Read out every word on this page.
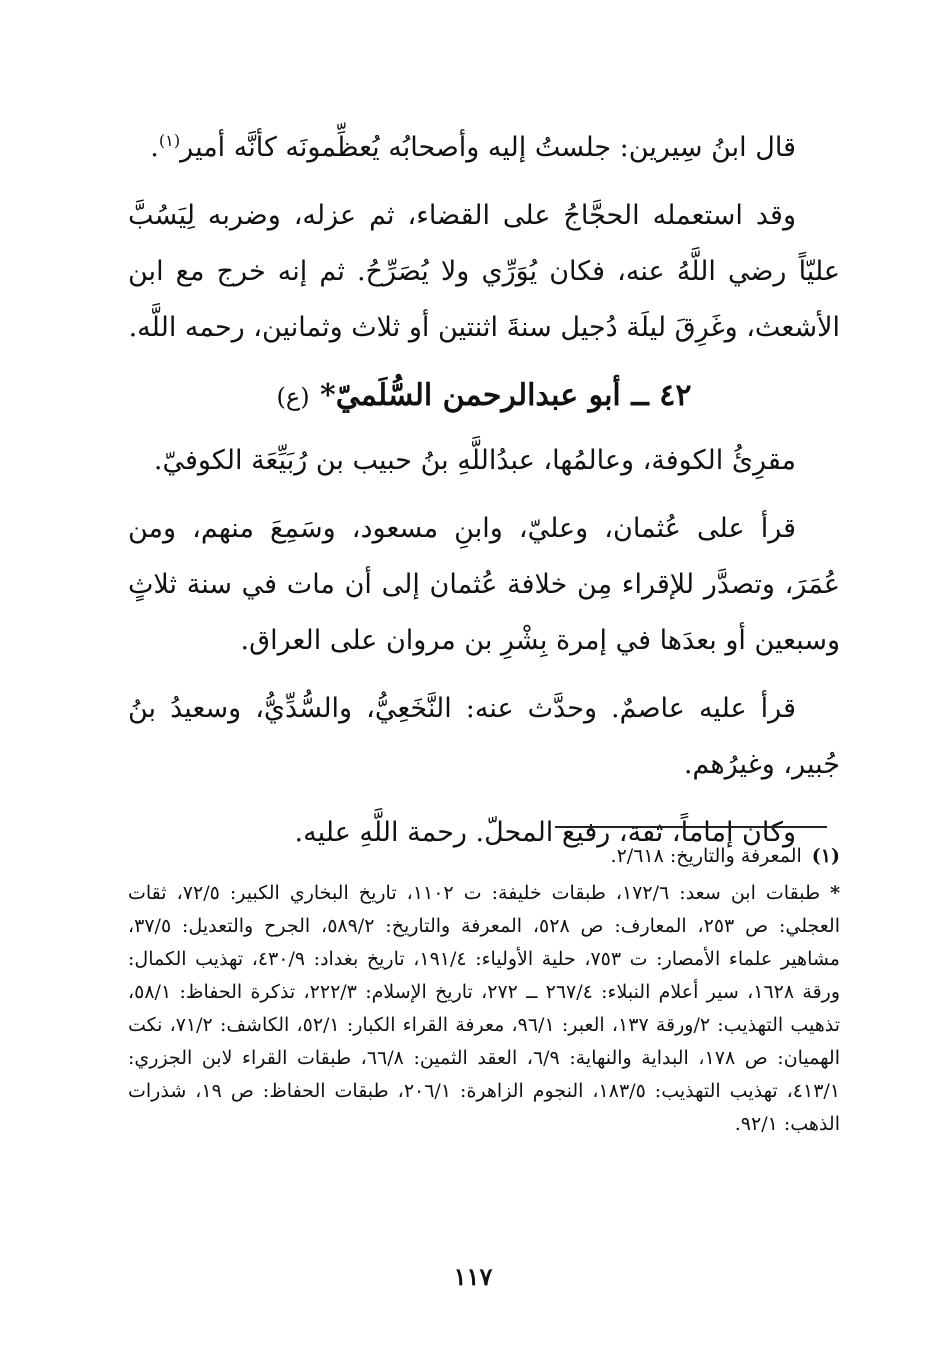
قال ابنُ سِيرين: جلستُ إليه وأصحابُه يُعظِّمونَه كأنَّه أمير$^{(١)}$.

وقد استعمله الحجَّاجُ على القضاء، ثم عزله، وضربه لِيَسُبَّ عليّاً رضي اللَّهُ عنه، فكان يُوَرِّي ولا يُصَرِّحُ. ثم إنه خرج مع ابن الأشعث، وغَرِقَ ليلَة دُجيل سنةَ اثنتين أو ثلاث وثمانين، رحمه اللَّه.

٤٢ ــ أبو عبدالرحمن السُّلَميّ* (ع)

مقرِئُ الكوفة، وعالمُها، عبدُاللَّهِ بنُ حبيب بن رُبَيِّعَة الكوفيّ.

قرأ على عُثمان، وعليّ، وابنِ مسعود، وسَمِعَ منهم، ومن عُمَرَ، وتصدَّر للإقراء مِن خلافة عُثمان إلى أن مات في سنة ثلاثٍ وسبعين أو بعدَها في إمرة بِشْرِ بن مروان على العراق.

قرأ عليه عاصمٌ. وحدَّث عنه: النَّخَعِيُّ، والسُّدِّيُّ، وسعيدُ بنُ جُبير، وغيرُهم.

وكان إماماً، ثقة، رفيع المحلّ. رحمة اللَّهِ عليه.

(١)المعرفة والتاريخ: ٢/٦١٨.

*طبقات ابن سعد: ١٧٢/٦، طبقات خليفة: ت ١١٠٢، تاريخ البخاري الكبير: ٧٢/٥، ثقات العجلي: ص ٢٥٣، المعارف: ص ٥٢٨، المعرفة والتاريخ: ٥٨٩/٢، الجرح والتعديل: ٣٧/٥، مشاهير علماء الأمصار: ت ٧٥٣، حلية الأولياء: ١٩١/٤، تاريخ بغداد: ٤٣٠/٩، تهذيب الكمال: ورقة ١٦٢٨، سير أعلام النبلاء: ٢٦٧/٤ ــ ٢٧٢، تاريخ الإسلام: ٢٢٢/٣، تذكرة الحفاظ: ٥٨/١، تذهيب التهذيب: ٢/ورقة ١٣٧، العبر: ٩٦/١، معرفة القراء الكبار: ٥٢/١، الكاشف: ٧١/٢، نكت الهميان: ص ١٧٨، البداية والنهاية: ٦/٩، العقد الثمين: ٦٦/٨، طبقات القراء لابن الجزري: ٤١٣/١، تهذيب التهذيب: ١٨٣/٥، النجوم الزاهرة: ٢٠٦/١، طبقات الحفاظ: ص ١٩، شذرات الذهب: ٩٢/١.

١١٧
